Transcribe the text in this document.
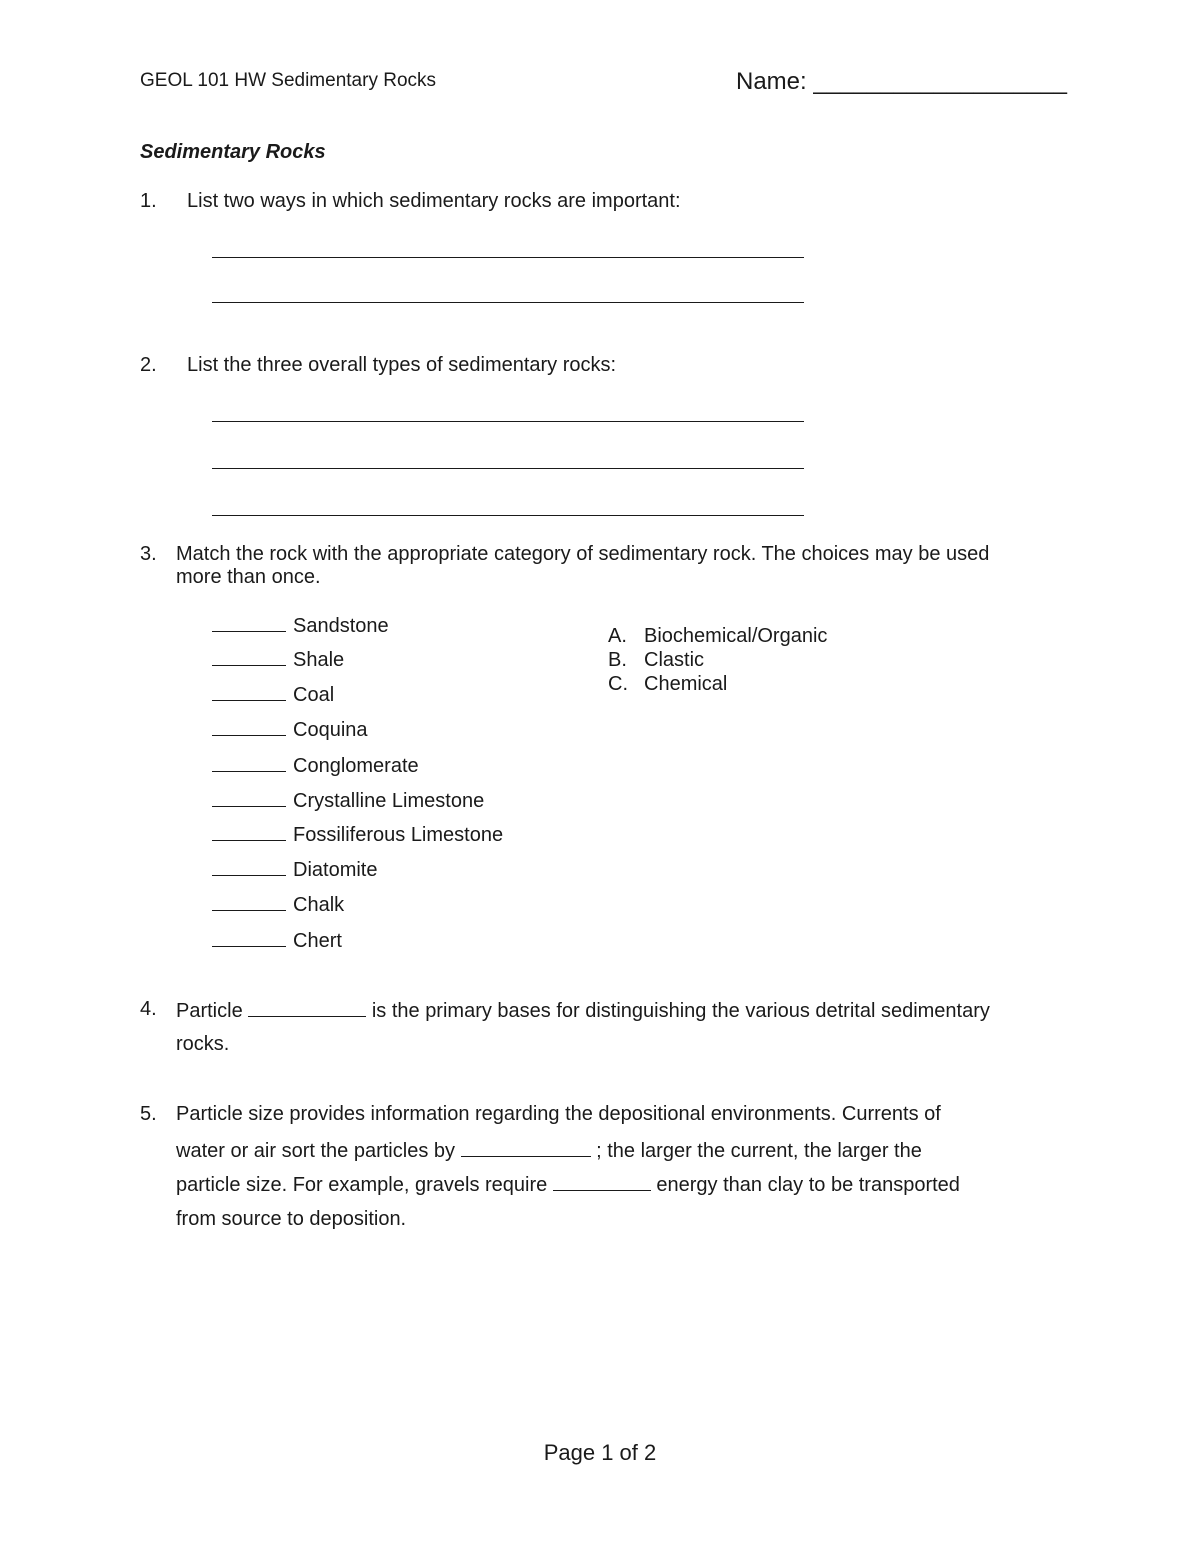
GEOL 101 HW Sedimentary Rocks	Name: ___________________
Sedimentary Rocks
1. List two ways in which sedimentary rocks are important:
2. List the three overall types of sedimentary rocks:
3. Match the rock with the appropriate category of sedimentary rock. The choices may be used more than once.
Sandstone
Shale
Coal
Coquina
Conglomerate
Crystalline Limestone
Fossiliferous Limestone
Diatomite
Chalk
Chert
A. Biochemical/Organic
B. Clastic
C. Chemical
4. Particle	is the primary bases for distinguishing the various detrital sedimentary
rocks.
5. Particle size provides information regarding the depositional environments. Currents of
water or air sort the particles by	; the larger the current, the larger the
particle size. For example, gravels require	energy than clay to be transported
from source to deposition.
Page 1 of 2
